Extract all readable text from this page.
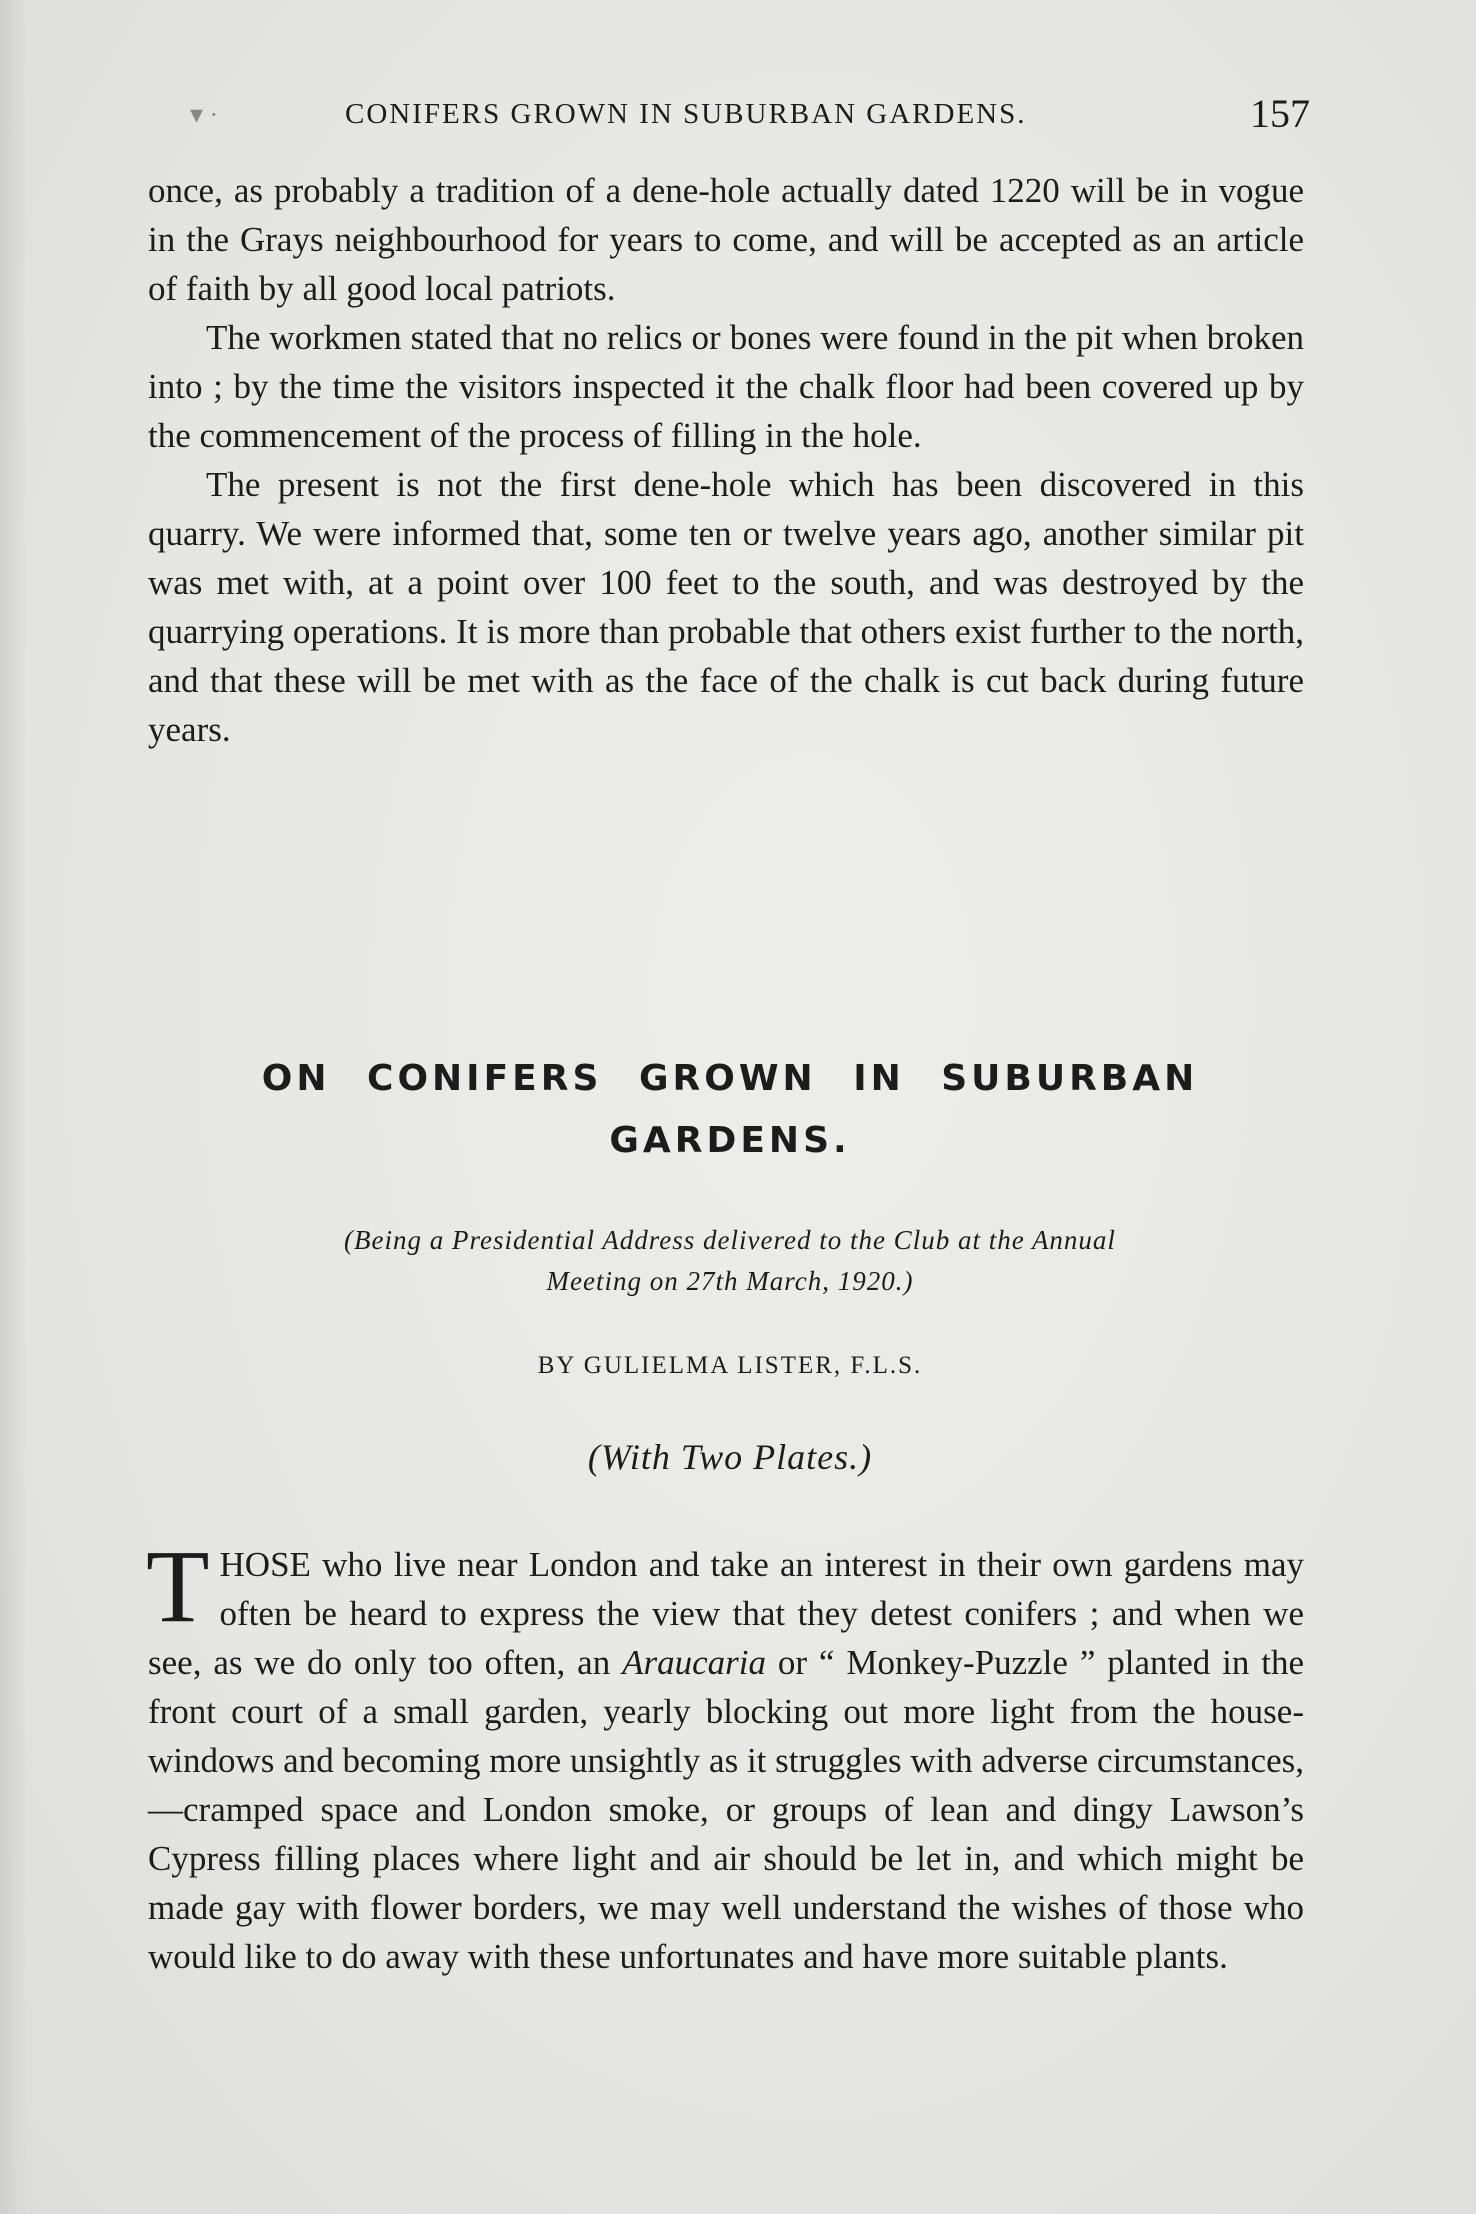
▾ ·	CONIFERS GROWN IN SUBURBAN GARDENS.	157

once, as probably a tradition of a dene-hole actually dated 1220 will be in vogue in the Grays neighbourhood for years to come, and will be accepted as an article of faith by all good local patriots.

The workmen stated that no relics or bones were found in the pit when broken into ; by the time the visitors inspected it the chalk floor had been covered up by the commencement of the process of filling in the hole.

The present is not the first dene-hole which has been discovered in this quarry. We were informed that, some ten or twelve years ago, another similar pit was met with, at a point over 100 feet to the south, and was destroyed by the quarrying operations. It is more than probable that others exist further to the north, and that these will be met with as the face of the chalk is cut back during future years.

ON CONIFERS GROWN IN SUBURBAN
GARDENS.

(Being a Presidential Address delivered to the Club at the Annual
Meeting on 27th March, 1920.)

BY GULIELMA LISTER, F.L.S.
(With Two Plates.)

THOSE who live near London and take an interest in their own gardens may often be heard to express the view that they detest conifers ; and when we see, as we do only too often, an Araucaria or “ Monkey-Puzzle ” planted in the front court of a small garden, yearly blocking out more light from the house-windows and becoming more unsightly as it struggles with adverse circumstances,—cramped space and London smoke, or groups of lean and dingy Lawson’s Cypress filling places where light and air should be let in, and which might be made gay with flower borders, we may well understand the wishes of those who would like to do away with these unfortunates and have more suitable plants.
